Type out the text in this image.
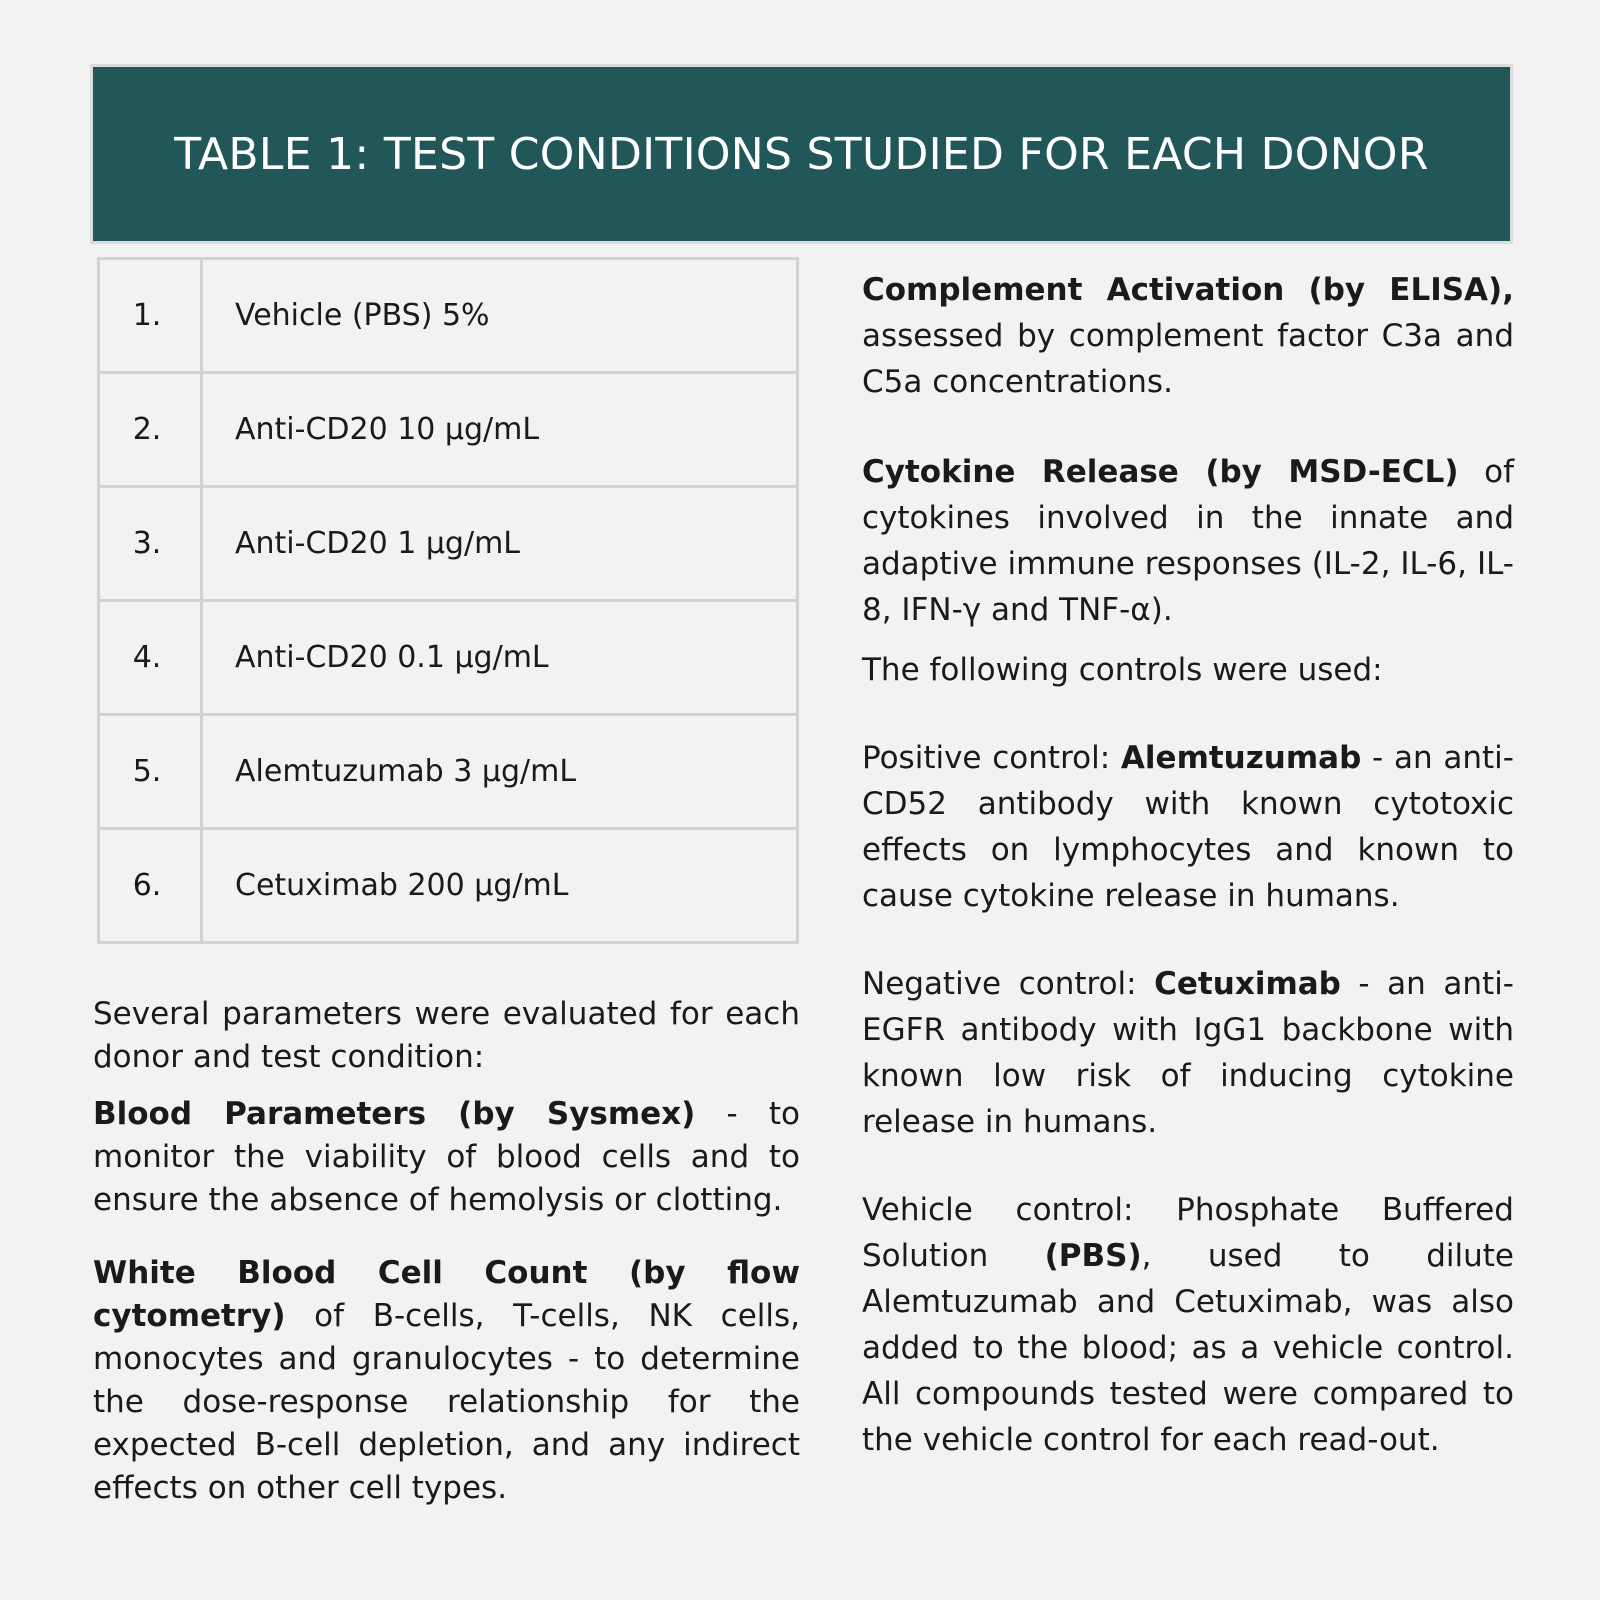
TABLE 1: TEST CONDITIONS STUDIED FOR EACH DONOR
1.	Vehicle (PBS) 5%
2.	Anti-CD20 10 μg/mL
3.	Anti-CD20 1 μg/mL
4.	Anti-CD20 0.1 μg/mL
5.	Alemtuzumab 3 μg/mL
6.	Cetuximab 200 μg/mL

Several parameters were evaluated for each donor and test condition:

Blood Parameters (by Sysmex) - to monitor the viability of blood cells and to ensure the absence of hemolysis or clotting.

White Blood Cell Count (by flow cytometry) of B-cells, T-cells, NK cells, monocytes and granulocytes - to determine the dose-response relationship for the expected B-cell depletion, and any indirect effects on other cell types.

Complement Activation (by ELISA), assessed by complement factor C3a and C5a concentrations.

Cytokine Release (by MSD-ECL) of cytokines involved in the innate and adaptive immune responses (IL-2, IL-6, IL-8, IFN-γ and TNF-α).

The following controls were used:

Positive control: Alemtuzumab - an anti-CD52 antibody with known cytotoxic effects on lymphocytes and known to cause cytokine release in humans.

Negative control: Cetuximab - an anti-EGFR antibody with IgG1 backbone with known low risk of inducing cytokine release in humans.

Vehicle control: Phosphate Buffered Solution (PBS), used to dilute Alemtuzumab and Cetuximab, was also added to the blood; as a vehicle control. All compounds tested were compared to the vehicle control for each read-out.
